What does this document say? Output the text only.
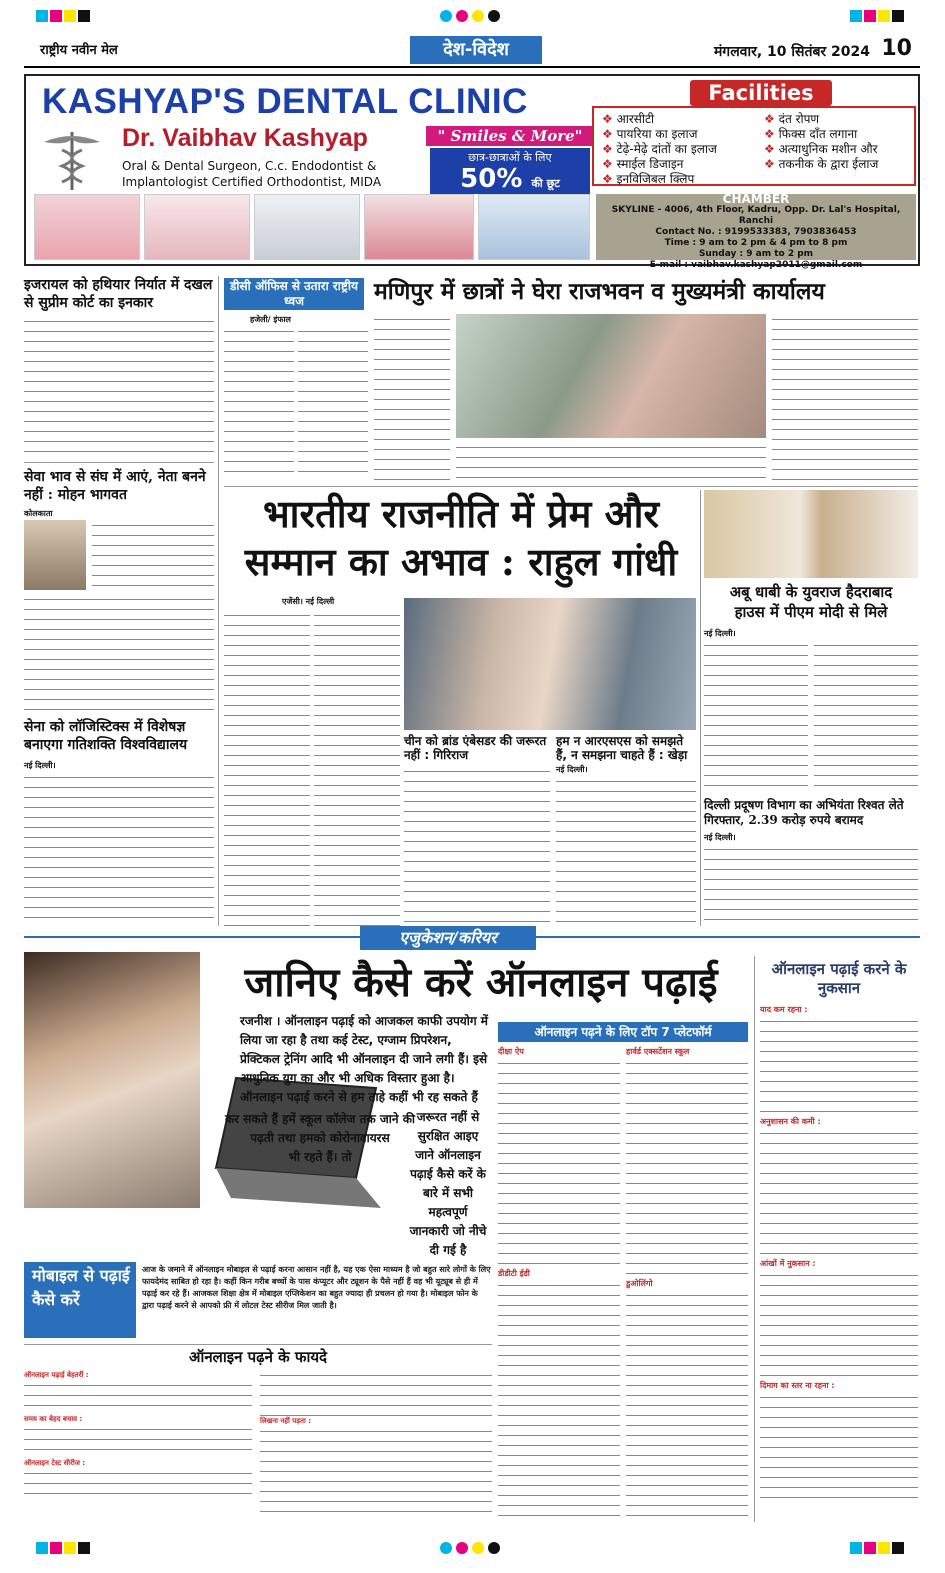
राष्ट्रीय नवीन मेल	देश-विदेश	मंगलवार, 10 सितंबर 2024 10
KASHYAP'S DENTAL CLINIC
Dr. Vaibhav Kashyap
Oral & Dental Surgeon, C.c. Endodontist &
Implantologist Certified Orthodontist, MIDA
" Smiles & More"
छात्र-छात्राओं के लिए
50% की छूट
Facilities
❖ आरसीटी
❖ पायरिया का इलाज
❖ टेढ़े-मेढ़े दांतों का इलाज
❖ स्माईल डिजाइन
❖ इनविजिबल क्लिप
❖ दंत रोपण
❖ फिक्स दाँत लगाना
❖ अत्याधुनिक मशीन और
❖ तकनीक के द्वारा ईलाज
CHAMBER
SKYLINE - 4006, 4th Floor, Kadru, Opp. Dr. Lal's Hospital, Ranchi
Contact No. : 9199533383, 7903836453
Time : 9 am to 2 pm & 4 pm to 8 pm
Sunday : 9 am to 2 pm
E-mail : vaibhav.kashyap2011@gmail.com
इजरायल को हथियार निर्यात में दखल से सुप्रीम कोर्ट का इनकार
सेवा भाव से संघ में आएं, नेता बनने नहीं : मोहन भागवत
कोलकाता
सेना को लॉजिस्टिक्स में विशेषज्ञ बनाएगा गतिशक्ति विश्वविद्यालय
नई दिल्ली।
डीसी ऑफिस से उतारा राष्ट्रीय ध्वज
हजेली/ इंफाल
मणिपुर में छात्रों ने घेरा राजभवन व मुख्यमंत्री कार्यालय
भारतीय राजनीति में प्रेम और
सम्मान का अभाव : राहुल गांधी
एजेंसी। नई दिल्ली
चीन को ब्रांड एंबेसडर की जरूरत नहीं : गिरिराज
हम न आरएसएस को समझते हैं, न समझना चाहते हैं : खेड़ा
नई दिल्ली।
अबू धाबी के युवराज हैदराबाद
हाउस में पीएम मोदी से मिले
नई दिल्ली।
दिल्ली प्रदूषण विभाग का अभियंता रिश्वत लेते गिरफ्तार, 2.39 करोड़ रुपये बरामद
नई दिल्ली।
एजुकेशन/करियर
जानिए कैसे करें ऑनलाइन पढ़ाई
रजनीश । ऑनलाइन पढ़ाई को आजकल काफी उपयोग में लिया जा रहा है तथा कई टेस्ट, एग्जाम प्रिपरेशन, प्रेक्टिकल ट्रेनिंग आदि भी ऑनलाइन दी जाने लगी हैं। इसे आधुनिक युग का और भी अधिक विस्तार हुआ है। ऑनलाइन पढ़ाई करने से हम ताहे कहीं भी रह सकते हैं
कर सकते हैं हमें स्कूल कॉलेज तक जाने की
पढ़ती तथा हमको कोरोनावायरस
भी रहते हैं। तो
जरूरत नहीं से सुरक्षित आइए जाने ऑनलाइन पढ़ाई कैसे करें के बारे में सभी महत्वपूर्ण जानकारी जो नीचे दी गई है
मोबाइल से पढ़ाई कैसे करें
आज के जमाने में ऑनलाइन मोबाइल से पढ़ाई करना आसान नहीं है, यह एक ऐसा माध्यम है जो बहुत सारे लोगों के लिए फायदेमंद साबित हो रहा है। कहीं किन गरीब बच्चों के पास कंप्यूटर और ट्यूशन के पैसे नहीं हैं वह भी यूट्यूब से ही में पढ़ाई कर रहे हैं। आजकल शिक्षा क्षेत्र में मोबाइल एप्लिकेशन का बहुत ज्यादा ही प्रचलन हो गया है। मोबाइल फोन के द्वारा पढ़ाई करने से आपको फ्री में लोटल टेस्ट सीरीज मिल जाती है।
ऑनलाइन पढ़ने के फायदे
ऑनलाइन पढ़ाई बेहतरीं :
समय का बेहद बचाव :
ऑनलाइन टेस्ट सीरीज :
लिखना नहीं पड़ता :
ऑनलाइन पढ़ने के लिए टॉप 7 प्लेटफॉर्म
दीक्षा ऐप
डीडीटी ईडी
हार्वर्ड एक्सटेंशन स्कूल
डुओलिंगो
ऑनलाइन पढ़ाई करने के नुकसान
याद कम रहना :
अनुशासन की कमी :
आंखों में नुकसान :
दिमाग का स्तर ना रहना :
